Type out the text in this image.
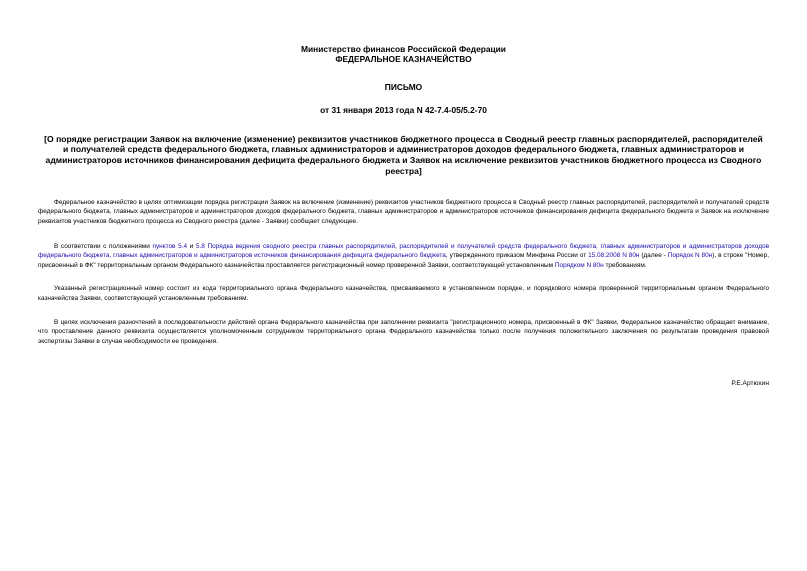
Министерство финансов Российской Федерации
ФЕДЕРАЛЬНОЕ КАЗНАЧЕЙСТВО
ПИСЬМО
от 31 января 2013 года N 42-7.4-05/5.2-70
[О порядке регистрации Заявок на включение (изменение) реквизитов участников бюджетного процесса в Сводный реестр главных распорядителей, распорядителей и получателей средств федерального бюджета, главных администраторов и администраторов доходов федерального бюджета, главных администраторов и администраторов источников финансирования дефицита федерального бюджета и Заявок на исключение реквизитов участников бюджетного процесса из Сводного реестра]

Федеральное казначейство в целях оптимизации порядка регистрации Заявок на включение (изменение) реквизитов участников бюджетного процесса в Сводный реестр главных распорядителей, распорядителей и получателей средств федерального бюджета, главных администраторов и администраторов доходов федерального бюджета, главных администраторов и администраторов источников финансирования дефицита федерального бюджета и Заявок на исключение реквизитов участников бюджетного процесса из Сводного реестра (далее - Заявки) сообщает следующее.

В соответствии с положениями пунктов 5.4 и 5.8 Порядка ведения сводного реестра главных распорядителей, распорядителей и получателей средств федерального бюджета, главных администраторов и администраторов доходов федерального бюджета, главных администраторов и администраторов источников финансирования дефицита федерального бюджета, утвержденного приказом Минфина России от 15.08.2008 N 80н (далее - Порядок N 80н), в строке "Номер, присвоенный в ФК" территориальным органом Федерального казначейства проставляется регистрационный номер проверенной Заявки, соответствующей установленным Порядком N 80н требованиям.

Указанный регистрационный номер состоит из кода территориального органа Федерального казначейства, присваиваемого в установленном порядке, и порядкового номера проверенной территориальным органом Федерального казначейства Заявки, соответствующей установленным требованиям.

В целях исключения разночтений в последовательности действий органа Федерального казначейства при заполнении реквизита "регистрационного номера, присвоенный в ФК" Заявки, Федеральное казначейство обращает внимание, что проставление данного реквизита осуществляется уполномоченным сотрудником территориального органа Федерального казначейства только после получения положительного заключения по результатам проведения правовой экспертизы Заявки в случае необходимости ее проведения.

Р.Е.Артюхин
